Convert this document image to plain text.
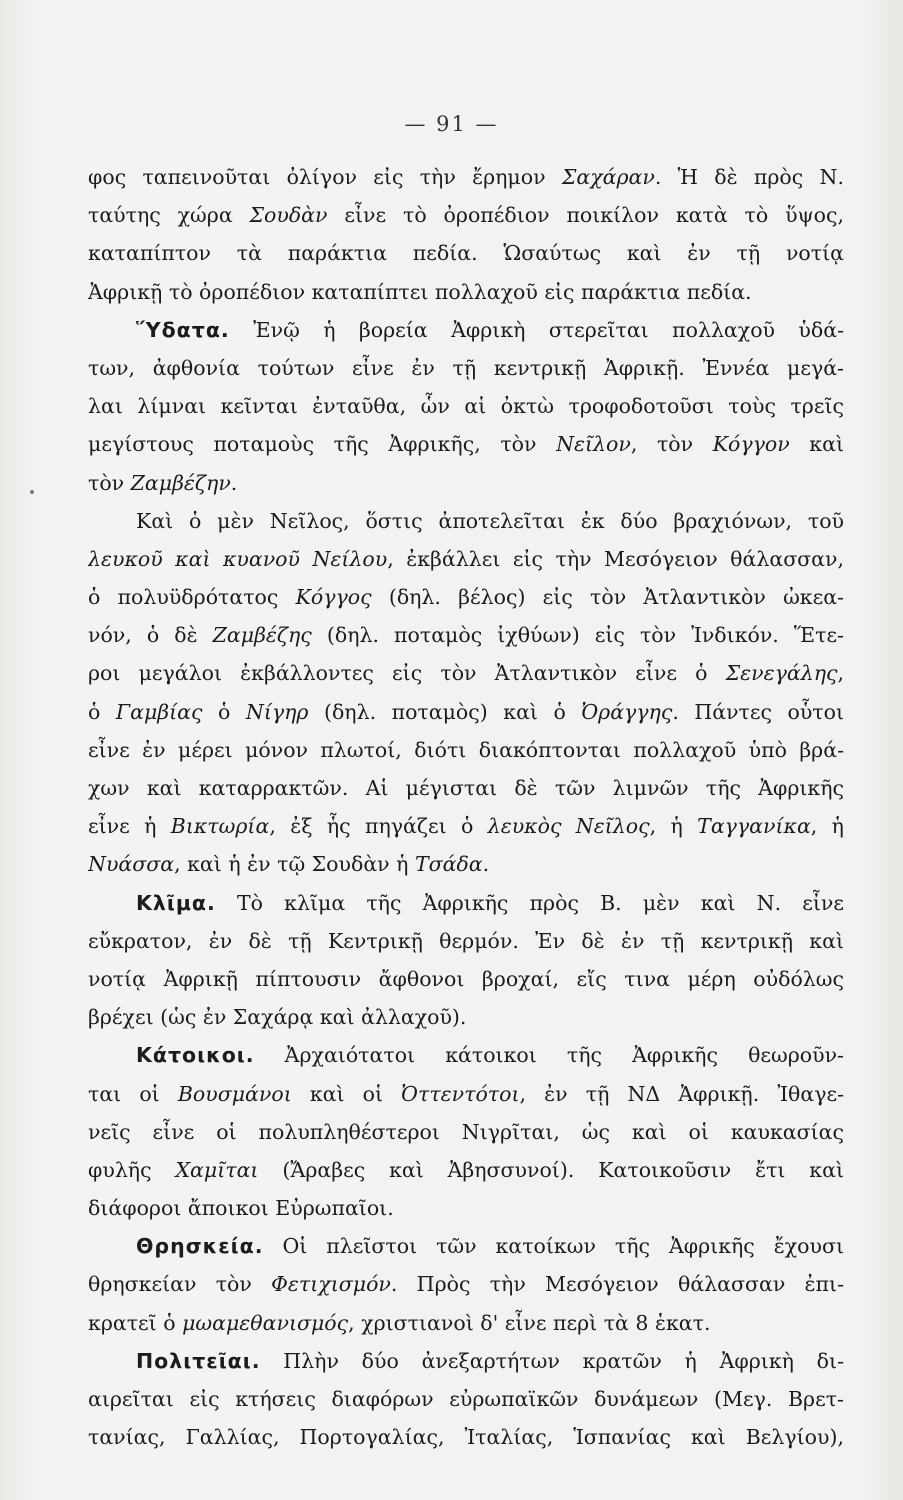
— 91 —
φος ταπεινοῦται ὀλίγον εἰς τὴν ἔρημον Σαχάραν. Ἡ δὲ πρὸς Ν.
ταύτης χώρα Σουδὰν εἶνε τὸ ὀροπέδιον ποικίλον κατὰ τὸ ὕψος,
καταπίπτον τὰ παράκτια πεδία. Ὡσαύτως καὶ ἐν τῇ νοτίᾳ
Ἀφρικῇ τὸ ὀροπέδιον καταπίπτει πολλαχοῦ εἰς παράκτια πεδία.
Ὕδατα. Ἐνῷ ἡ βορεία Ἀφρικὴ στερεῖται πολλαχοῦ ὑδά-
των, ἀφθονία τούτων εἶνε ἐν τῇ κεντρικῇ Ἀφρικῇ. Ἐννέα μεγά-
λαι λίμναι κεῖνται ἐνταῦθα, ὧν αἱ ὀκτὼ τροφοδοτοῦσι τοὺς τρεῖς
μεγίστους ποταμοὺς τῆς Ἀφρικῆς, τὸν Νεῖλον, τὸν Κόγγον καὶ
τὸν Ζαμβέζην.
Καὶ ὁ μὲν Νεῖλος, ὅστις ἀποτελεῖται ἐκ δύο βραχιόνων, τοῦ
λευκοῦ καὶ κυανοῦ Νείλου, ἐκβάλλει εἰς τὴν Μεσόγειον θάλασσαν,
ὁ πολυϋδρότατος Κόγγος (δηλ. βέλος) εἰς τὸν Ἀτλαντικὸν ὠκεα-
νόν, ὁ δὲ Ζαμβέζης (δηλ. ποταμὸς ἰχθύων) εἰς τὸν Ἰνδικόν. Ἕτε-
ροι μεγάλοι ἐκβάλλοντες εἰς τὸν Ἀτλαντικὸν εἶνε ὁ Σενεγάλης,
ὁ Γαμβίας ὁ Νίγηρ (δηλ. ποταμὸς) καὶ ὁ Ὀράγγης. Πάντες οὗτοι
εἶνε ἐν μέρει μόνον πλωτοί, διότι διακόπτονται πολλαχοῦ ὑπὸ βρά-
χων καὶ καταρρακτῶν. Αἱ μέγισται δὲ τῶν λιμνῶν τῆς Ἀφρικῆς
εἶνε ἡ Βικτωρία, ἐξ ἧς πηγάζει ὁ λευκὸς Νεῖλος, ἡ Ταγγανίκα, ἡ
Νυάσσα, καὶ ἡ ἐν τῷ Σουδὰν ἡ Τσάδα.
Κλῖμα. Τὸ κλῖμα τῆς Ἀφρικῆς πρὸς Β. μὲν καὶ Ν. εἶνε
εὔκρατον, ἐν δὲ τῇ Κεντρικῇ θερμόν. Ἐν δὲ ἐν τῇ κεντρικῇ καὶ
νοτίᾳ Ἀφρικῇ πίπτουσιν ἄφθονοι βροχαί, εἴς τινα μέρη οὐδόλως
βρέχει (ὡς ἐν Σαχάρᾳ καὶ ἀλλαχοῦ).
Κάτοικοι. Ἀρχαιότατοι κάτοικοι τῆς Ἀφρικῆς θεωροῦν-
ται οἱ Βουσμάνοι καὶ οἱ Ὀττεντότοι, ἐν τῇ ΝΔ Ἀφρικῇ. Ἰθαγε-
νεῖς εἶνε οἱ πολυπληθέστεροι Νιγρῖται, ὡς καὶ οἱ καυκασίας
φυλῆς Χαμῖται (Ἄραβες καὶ Ἀβησσυνοί). Κατοικοῦσιν ἔτι καὶ
διάφοροι ἄποικοι Εὐρωπαῖοι.
Θρησκεία. Οἱ πλεῖστοι τῶν κατοίκων τῆς Ἀφρικῆς ἔχουσι
θρησκείαν τὸν Φετιχισμόν. Πρὸς τὴν Μεσόγειον θάλασσαν ἐπι-
κρατεῖ ὁ μωαμεθανισμός, χριστιανοὶ δ' εἶνε περὶ τὰ 8 ἑκατ.
Πολιτεῖαι. Πλὴν δύο ἀνεξαρτήτων κρατῶν ἡ Ἀφρικὴ δι-
αιρεῖται εἰς κτήσεις διαφόρων εὐρωπαϊκῶν δυνάμεων (Μεγ. Βρετ-
τανίας, Γαλλίας, Πορτογαλίας, Ἰταλίας, Ἱσπανίας καὶ Βελγίου),
